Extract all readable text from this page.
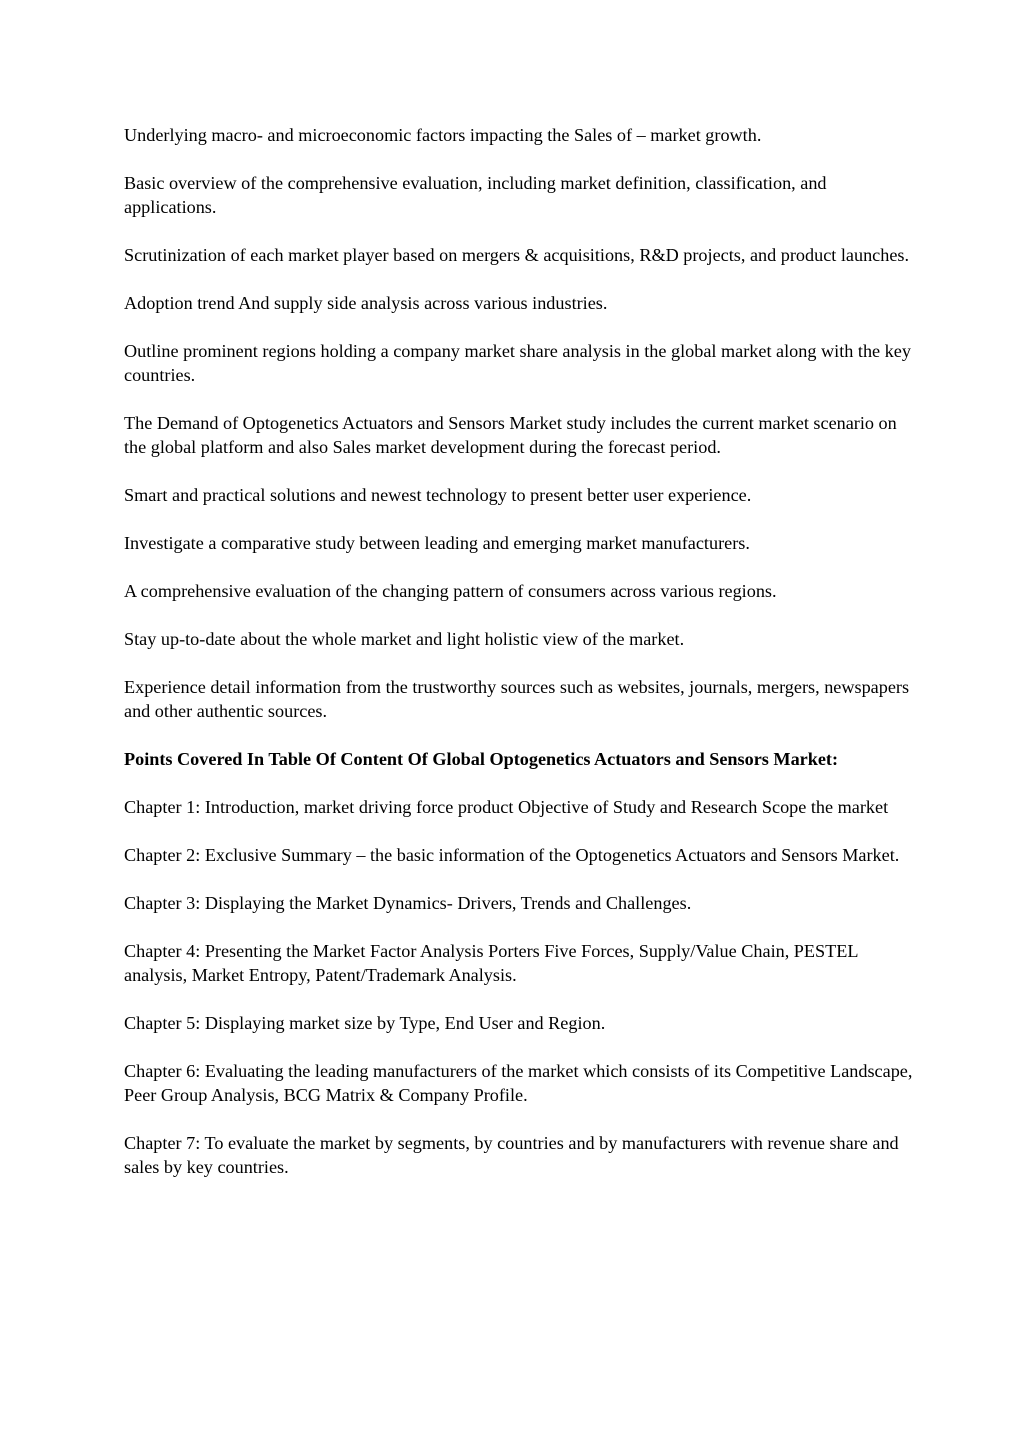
Underlying macro- and microeconomic factors impacting the Sales of – market growth.

Basic overview of the comprehensive evaluation, including market definition, classification, and applications.

Scrutinization of each market player based on mergers & acquisitions, R&D projects, and product launches.

Adoption trend And supply side analysis across various industries.

Outline prominent regions holding a company market share analysis in the global market along with the key countries.

The Demand of Optogenetics Actuators and Sensors Market study includes the current market scenario on the global platform and also Sales market development during the forecast period.

Smart and practical solutions and newest technology to present better user experience.

Investigate a comparative study between leading and emerging market manufacturers.

A comprehensive evaluation of the changing pattern of consumers across various regions.

Stay up-to-date about the whole market and light holistic view of the market.

Experience detail information from the trustworthy sources such as websites, journals, mergers, newspapers and other authentic sources.

Points Covered In Table Of Content Of Global Optogenetics Actuators and Sensors Market:

Chapter 1: Introduction, market driving force product Objective of Study and Research Scope the market

Chapter 2: Exclusive Summary – the basic information of the Optogenetics Actuators and Sensors Market.

Chapter 3: Displaying the Market Dynamics- Drivers, Trends and Challenges.

Chapter 4: Presenting the Market Factor Analysis Porters Five Forces, Supply/Value Chain, PESTEL analysis, Market Entropy, Patent/Trademark Analysis.

Chapter 5: Displaying market size by Type, End User and Region.

Chapter 6: Evaluating the leading manufacturers of the market which consists of its Competitive Landscape, Peer Group Analysis, BCG Matrix & Company Profile.

Chapter 7: To evaluate the market by segments, by countries and by manufacturers with revenue share and sales by key countries.
